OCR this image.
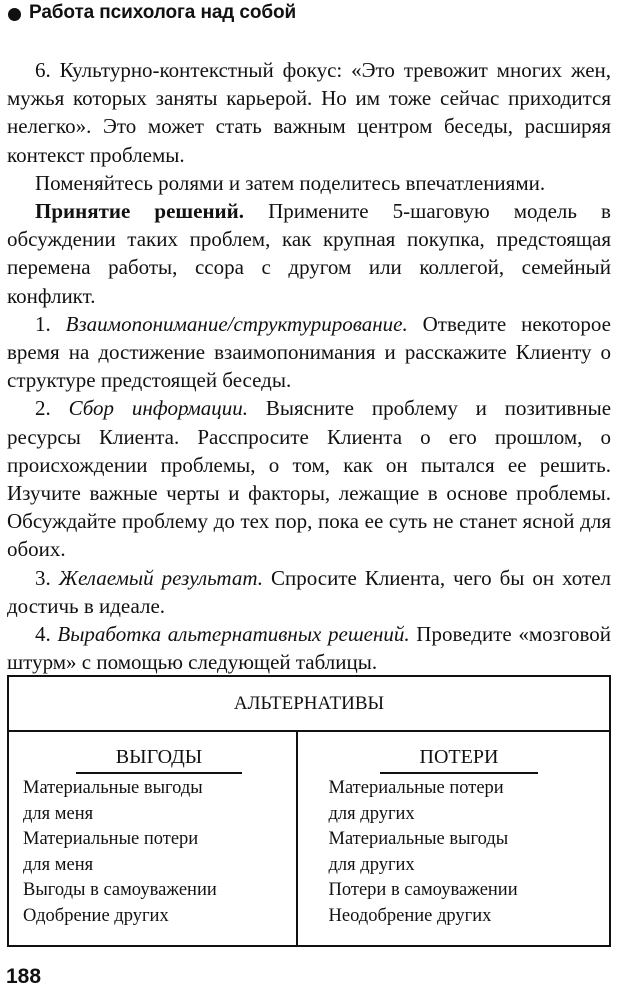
Работа психолога над собой

6. Культурно-контекстный фокус: «Это тревожит многих жен, мужья которых заняты карьерой. Но им тоже сейчас приходится нелегко». Это может стать важным центром беседы, расширяя контекст проблемы.

Поменяйтесь ролями и затем поделитесь впечатлениями.

Принятие решений. Примените 5-шаговую модель в обсуждении таких проблем, как крупная покупка, предстоящая перемена работы, ссора с другом или коллегой, семейный конфликт.

1. Взаимопонимание/структурирование. Отведите некоторое время на достижение взаимопонимания и расскажите Клиенту о структуре предстоящей беседы.

2. Сбор информации. Выясните проблему и позитивные ресурсы Клиента. Расспросите Клиента о его прошлом, о происхождении проблемы, о том, как он пытался ее решить. Изучите важные черты и факторы, лежащие в основе проблемы. Обсуждайте проблему до тех пор, пока ее суть не станет ясной для обоих.

3. Желаемый результат. Спросите Клиента, чего бы он хотел достичь в идеале.

4. Выработка альтернативных решений. Проведите «мозговой штурм» с помощью следующей таблицы.

АЛЬТЕРНАТИВЫ
ВЫГОДЫ	ПОТЕРИ
Материальные выгоды
для меня
Материальные потери
для меня
Выгоды в самоуважении
Одобрение других
Материальные потери
для других
Материальные выгоды
для других
Потери в самоуважении
Неодобрение других
188
